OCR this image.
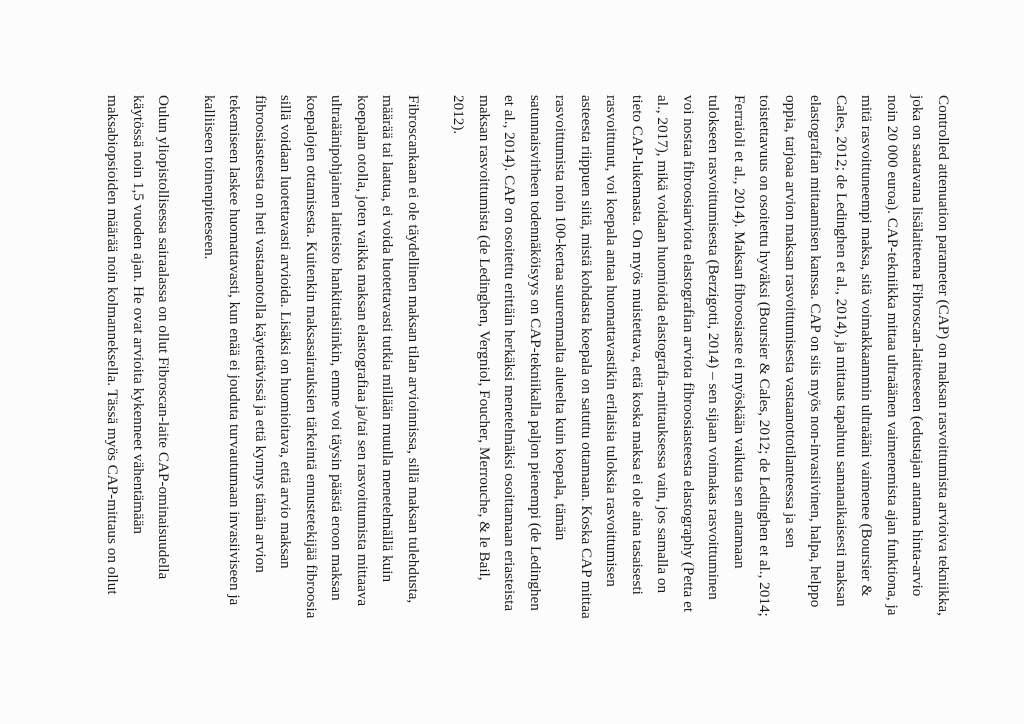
Controlled attenuation parameter (CAP) on maksan rasvoittumista arvioiva tekniikka,
joka on saatavana lisälaitteena Fibroscan-laitteeseen (edustajan antama hinta-arvio
noin 20 000 euroa). CAP-tekniikka mittaa ultraäänen vaimenemista ajan funktiona, ja
mitä rasvoittuneempi maksa, sitä voimakkaammin ultraääni vaimenee (Boursier &
Cales, 2012; de Ledinghen et al., 2014), ja mittaus tapahtuu samanaikaisesti maksan
elastografian mittaamisen kanssa. CAP on siis myös non-invasiivinen, halpa, helppo
oppia, tarjoaa arvion maksan rasvoittumisesta vastaanottotilanteessa ja sen
toistettavuus on osoitettu hyväksi (Boursier & Cales, 2012; de Ledinghen et al., 2014;
Ferraioli et al., 2014). Maksan fibroosiaste ei myöskään vaikuta sen antamaan
tulokseen rasvoittumisesta (Berzigotti, 2014) – sen sijaan voimakas rasvoittuminen
voi nostaa fibroosiarviota elastografian arviota fibroosiasteesta elastography (Petta et
al., 2017), mikä voidaan huomioida elastografia-mittauksessa vain, jos samalla on
tieto CAP-lukemasta. On myös muistettava, että koska maksa ei ole aina tasaisesti
rasvoittunut, voi koepala antaa huomattavastikin erilaisia tuloksia rasvoittumisen
asteesta riippuen siitä, mistä kohdasta koepala on satuttu ottamaan. Koska CAP mittaa
rasvoittumista noin 100-kertaa suuremmalta alueelta kuin koepala, tämän
satunnaisvirheen todennäköisyys on CAP-tekniikalla paljon pienempi (de Ledinghen
et al., 2014). CAP on osoitettu erittäin herkäksi menetelmäksi osoittamaan eriasteista
maksan rasvoittumista (de Ledinghen, Vergniol, Foucher, Merrouche, & le Bail,
2012).
Fibroscankaan ei ole täydellinen maksan tilan arvioinnissa, sillä maksan tulehdusta,
määrää tai laatua, ei voida luotettavasti tutkia millään muulla menetelmällä kuin
koepalan otolla, joten vaikka maksan elastografiaa ja/tai sen rasvoittumista mittaava
ultraäänipohjainen laitteisto hankittaisiinkin, emme voi täysin päästä eroon maksan
koepalojen ottamisesta. Kuitenkin maksasairauksien tärkeintä ennustetekijää fibroosia
sillä voidaan luotettavasti arvioida. Lisäksi on huomioitava, että arvio maksan
fibroosiasteesta on heti vastaanotolla käytettävissä ja että kynnys tämän arvion
tekemiseen laskee huomattavasti, kun enää ei jouduta turvautumaan invasiiviseen ja
kalliiseen toimenpiteeseen.
Oulun yliopistollisessa sairaalassa on ollut Fibroscan-laite CAP-ominaisuudella
käytössä noin 1,5 vuoden ajan. He ovat arvioita kykenneet vähentämään
maksabiopsioiden määrää noin kolmanneksella. Tässä myös CAP-mittaus on ollut
